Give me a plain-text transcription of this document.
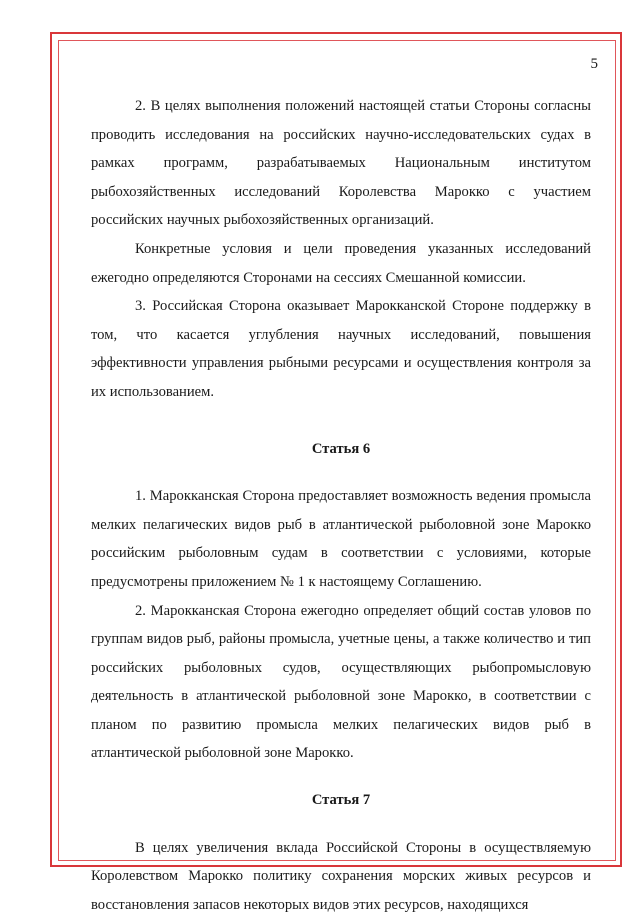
5

2. В целях выполнения положений настоящей статьи Стороны согласны проводить исследования на российских научно-исследовательских судах в рамках программ, разрабатываемых Национальным институтом рыбохозяйственных исследований Королевства Марокко с участием российских научных рыбохозяйственных организаций.

Конкретные условия и цели проведения указанных исследований ежегодно определяются Сторонами на сессиях Смешанной комиссии.

3. Российская Сторона оказывает Марокканской Стороне поддержку в том, что касается углубления научных исследований, повышения эффективности управления рыбными ресурсами и осуществления контроля за их использованием.

Статья 6

1. Марокканская Сторона предоставляет возможность ведения промысла мелких пелагических видов рыб в атлантической рыболовной зоне Марокко российским рыболовным судам в соответствии с условиями, которые предусмотрены приложением № 1 к настоящему Соглашению.

2. Марокканская Сторона ежегодно определяет общий состав уловов по группам видов рыб, районы промысла, учетные цены, а также количество и тип российских рыболовных судов, осуществляющих рыбопромысловую деятельность в атлантической рыболовной зоне Марокко, в соответствии с планом по развитию промысла мелких пелагических видов рыб в атлантической рыболовной зоне Марокко.

Статья 7

В целях увеличения вклада Российской Стороны в осуществляемую Королевством Марокко политику сохранения морских живых ресурсов и восстановления запасов некоторых видов этих ресурсов, находящихся
